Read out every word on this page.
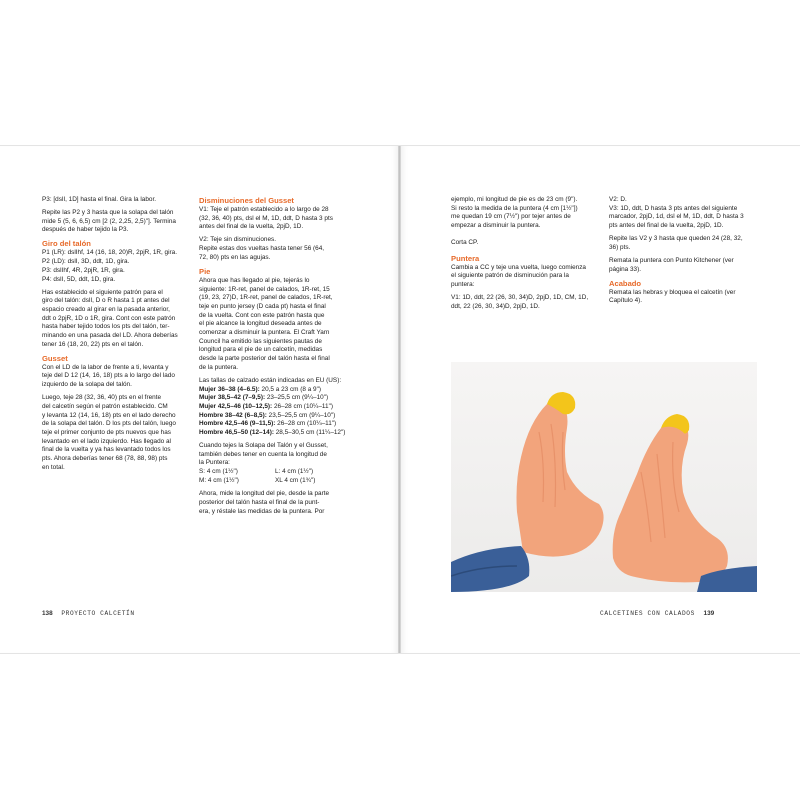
P3: [dslI, 1D] hasta el final. Gira la labor.

Repite las P2 y 3 hasta que la solapa del talón
mide 5 (5, 6, 6,5) cm [2 (2, 2,25, 2,5)"]. Termina
después de haber tejido la P3.

Giro del talón

P1 (LR): dslIhf, 14 (16, 18, 20)R, 2pjR, 1R, gira.
P2 (LD): dslI, 3D, ddt, 1D, gira.
P3: dslIhf, 4R, 2pjR, 1R, gira.
P4: dslI, 5D, ddt, 1D, gira.

Has establecido el siguiente patrón para el
giro del talón: dslI, D o R hasta 1 pt antes del
espacio creado al girar en la pasada anterior,
ddt o 2pjR, 1D o 1R, gira. Cont con este patrón
hasta haber tejido todos los pts del talón, ter-
minando en una pasada del LD. Ahora deberías
tener 16 (18, 20, 22) pts en el talón.

Gusset

Con el LD de la labor de frente a ti, levanta y
teje del D 12 (14, 16, 18) pts a lo largo del lado
izquierdo de la solapa del talón.

Luego, teje 28 (32, 36, 40) pts en el frente
del calcetín según el patrón establecido. CM
y levanta 12 (14, 16, 18) pts en el lado derecho
de la solapa del talón. D los pts del talón, luego
teje el primer conjunto de pts nuevos que has
levantado en el lado izquierdo. Has llegado al
final de la vuelta y ya has levantado todos los
pts. Ahora deberías tener 68 (78, 88, 98) pts
en total.

Disminuciones del Gusset

V1: Teje el patrón establecido a lo largo de 28
(32, 36, 40) pts, dsl el M, 1D, ddt, D hasta 3 pts
antes del final de la vuelta, 2pjD, 1D.

V2: Teje sin disminuciones.

Repite estas dos vueltas hasta tener 56 (64,
72, 80) pts en las agujas.

Pie

Ahora que has llegado al pie, tejerás lo
siguiente: 1R-ret, panel de calados, 1R-ret, 15
(19, 23, 27)D, 1R-ret, panel de calados, 1R-ret,
teje en punto jersey (D cada pt) hasta el final
de la vuelta. Cont con este patrón hasta que
el pie alcance la longitud deseada antes de
comenzar a disminuir la puntera. El Craft Yarn
Council ha emitido las siguientes pautas de
longitud para el pie de un calcetín, medidas
desde la parte posterior del talón hasta el final
de la puntera.

Las tallas de calzado están indicadas en EU (US):

Mujer 36–38 (4–6.5): 20,5 a 23 cm (8 a 9")
Mujer 38,5–42 (7–9,5): 23–25,5 cm (9¼–10")
Mujer 42,5–46 (10–12,5): 26–28 cm (10¼–11")
Hombre 38–42 (6–8,5): 23,5–25,5 cm (9¼–10")
Hombre 42,5–46 (9–11,5): 26–28 cm (10¼–11")
Hombre 46,5–50 (12–14): 28,5–30,5 cm (11¼–12")

Cuando tejes la Solapa del Talón y el Gusset,
también debes tener en cuenta la longitud de
la Puntera:

S: 4 cm (1½")	L: 4 cm (1½")
M: 4 cm (1½")	XL 4 cm (1¾")

Ahora, mide la longitud del pie, desde la parte
posterior del talón hasta el final de la punt-
era, y réstale las medidas de la puntera. Por

138 PROYECTO CALCETÍN

ejemplo, mi longitud de pie es de 23 cm (9").
Si resto la medida de la puntera (4 cm [1½"])
me quedan 19 cm (7½") por tejer antes de
empezar a disminuir la puntera.

Corta CP.

Puntera

Cambia a CC y teje una vuelta, luego comienza
el siguiente patrón de disminución para la
puntera:

V1: 1D, ddt, 22 (26, 30, 34)D, 2pjD, 1D, CM, 1D,
ddt, 22 (26, 30, 34)D, 2pjD, 1D.

V2: D.

V3: 1D, ddt, D hasta 3 pts antes del siguiente
marcador, 2pjD, 1d, dsl el M, 1D, ddt, D hasta 3
pts antes del final de la vuelta, 2pjD, 1D.

Repite las V2 y 3 hasta que queden 24 (28, 32,
36) pts.

Remata la puntera con Punto Kitchener (ver
página 33).

Acabado

Remata las hebras y bloquea el calcetín (ver
Capítulo 4).

CALCETINES CON CALADOS 139
